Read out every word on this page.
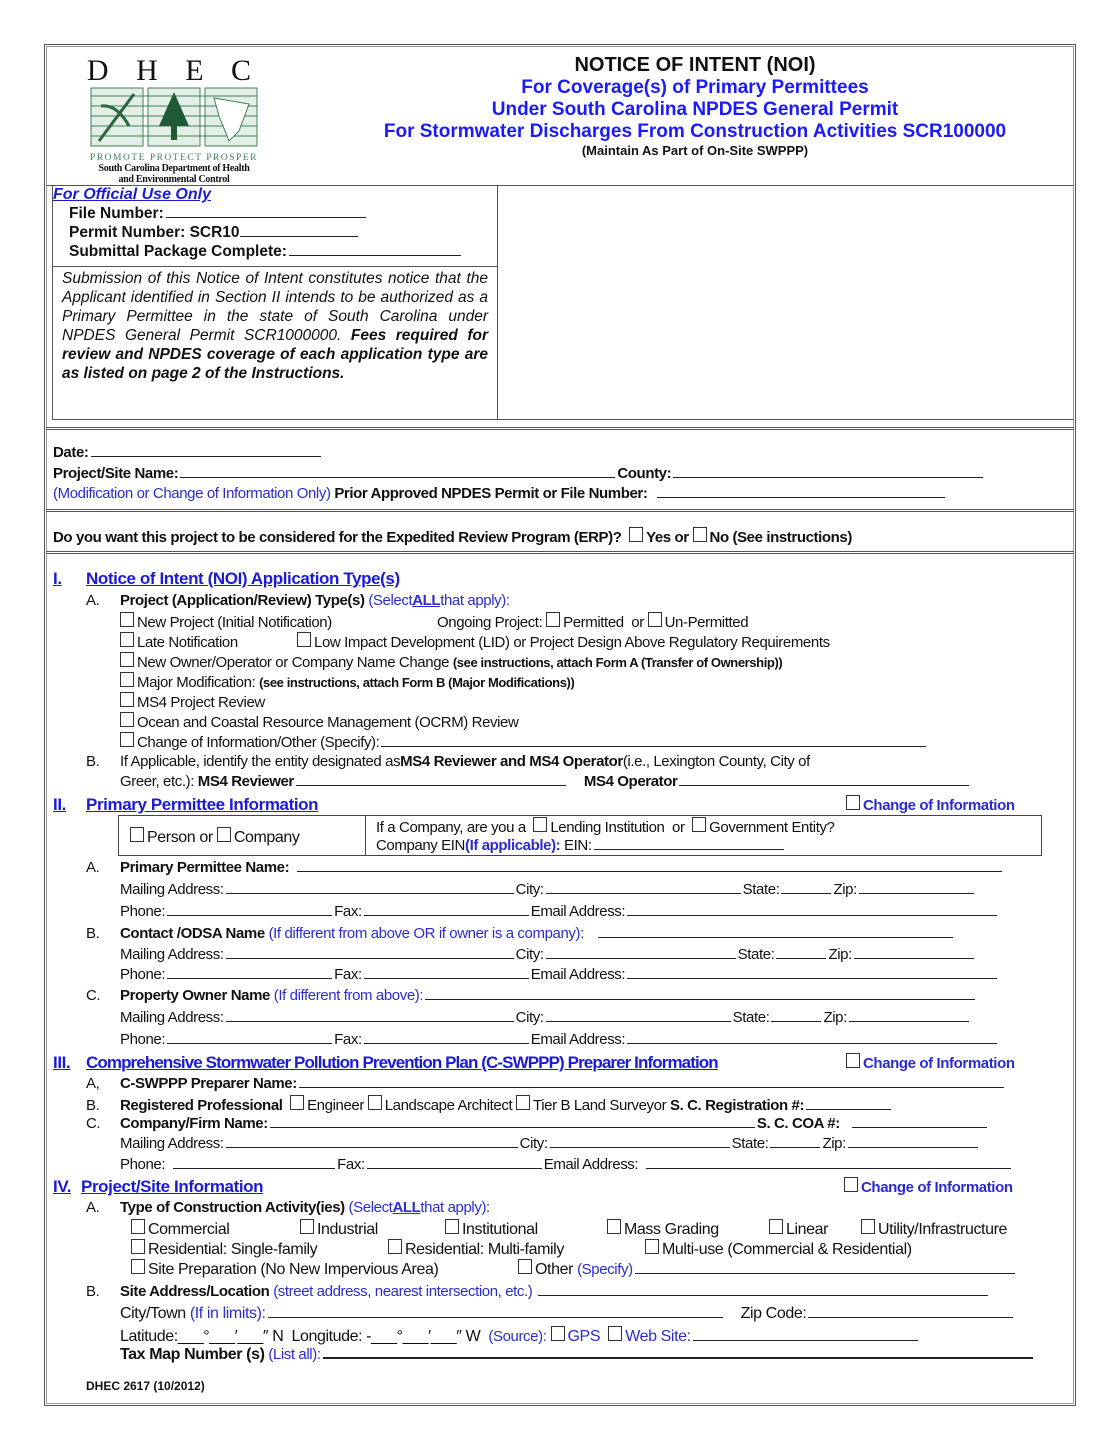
D H E C
PROMOTE PROTECT PROSPER
South Carolina Department of Health
and Environmental Control
NOTICE OF INTENT (NOI)
For Coverage(s) of Primary Permittees
Under South Carolina NPDES General Permit
For Stormwater Discharges From Construction Activities SCR100000
(Maintain As Part of On-Site SWPPP)
For Official Use Only
File Number:
Permit Number: SCR10
Submittal Package Complete:
Submission of this Notice of Intent constitutes notice that the Applicant identified in Section II intends to be authorized as a Primary Permittee in the state of South Carolina under NPDES General Permit SCR1000000. Fees required for review and NPDES coverage of each application type are as listed on page 2 of the Instructions.
Date:
Project/Site Name:	County:
(Modification or Change of Information Only)
Prior Approved NPDES Permit or File Number:
Do you want this project to be considered for the Expedited Review Program (ERP)?
Yes
or
No (See instructions)
I.	Notice of Intent (NOI) Application Type(s)
A.	Project (Application/Review) Type(s)
(Select ALL that apply):
New Project (Initial Notification)	Ongoing Project:
Permitted
or
Un-Permitted
Late Notification	Low Impact Development (LID) or Project Design Above Regulatory Requirements
New Owner/Operator or Company Name Change
(see instructions, attach Form A (Transfer of Ownership))
Major Modification:
(see instructions, attach Form B (Major Modifications))
MS4 Project Review
Ocean and Coastal Resource Management (OCRM) Review
Change of Information/Other (Specify):
B.	If Applicable, identify the entity designated as MS4 Reviewer and MS4 Operator (i.e., Lexington County, City of
Greer, etc.):
MS4 Reviewer	MS4 Operator
II.	Primary Permittee Information	Change of Information
Person or
Company
If a Company, are you a
Lending Institution
or
Government Entity?
Company EIN (If applicable):
EIN:
A.	Primary Permittee Name:
Mailing Address:	City:	State:	Zip:
Phone:	Fax:	Email Address:
B.	Contact /ODSA Name
(If different from above OR if owner is a company):
Mailing Address:	City:	State:	Zip:
Phone:	Fax:	Email Address:
C.	Property Owner Name
(If different from above):
Mailing Address:	City:	State:	Zip:
Phone:	Fax:	Email Address:
III. Comprehensive Stormwater Pollution Prevention Plan (C-SWPPP) Preparer Information	Change of Information
A,	C-SWPPP Preparer Name:
B.	Registered Professional
Engineer
Landscape Architect
Tier B Land Surveyor
S. C. Registration #:
C.	Company/Firm Name:	S. C. COA #:
Mailing Address:	City:	State:	Zip:
Phone:	Fax:	Email Address:
IV. Project/Site Information	Change of Information
A.	Type of Construction Activity(ies)
(Select ALL that apply):
Commercial	Industrial	Institutional	Mass Grading	Linear	Utility/Infrastructure
Residential: Single-family	Residential: Multi-family	Multi-use (Commercial & Residential)
Site Preparation (No New Impervious Area)	Other
(Specify)
B.	Site Address/Location
(street address, nearest intersection, etc.)
City/Town
(If in limits):	Zip Code:
Latitude: ___°___′___″ N
Longitude: - ___°___′___″ W
(Source):
GPS
Web Site:
Tax Map Number (s)
(List all):
DHEC 2617 (10/2012)
